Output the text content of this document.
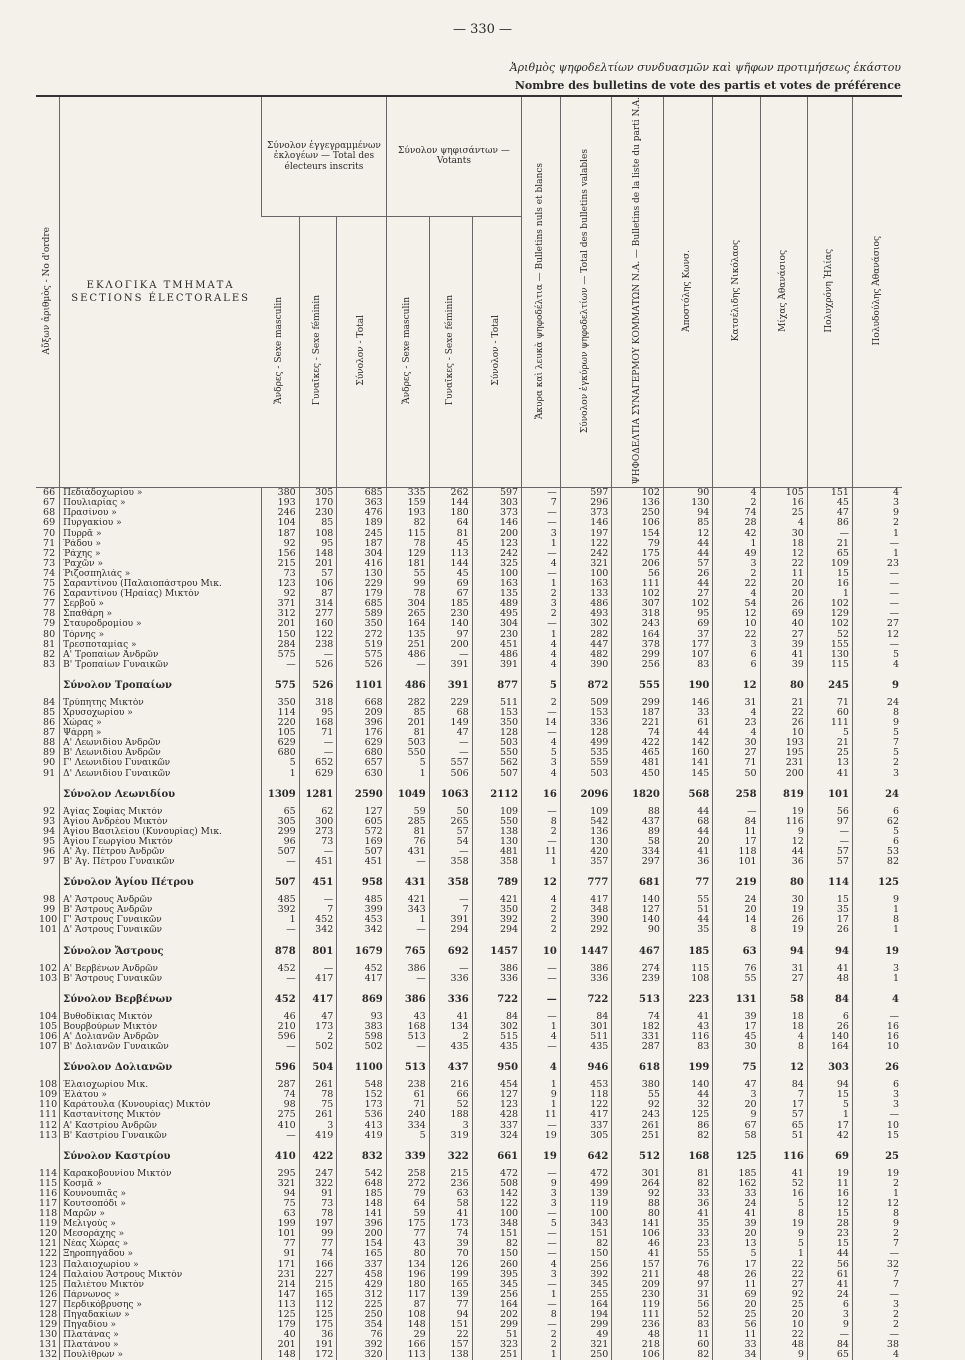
— 330 —
Ἀριθμὸς ψηφοδελτίων συνδυασμῶν καὶ ψῆφων προτιμήσεως ἑκάστου
Nombre des bulletins de vote des partis et votes de préférence
Αὔξων ἀριθμὸς - No d'ordre	ΕΚΛΟΓΙΚΑ ΤΜΗΜΑΤΑ SECTIONS ÉLECTORALES	Σύνολον ἐγγεγραμμένων ἐκλογέων — Total des électeurs inscrits			Σύνολον ψηφισάντων — Votants			Ἄκυρα καὶ λευκὰ ψηφοδέλτια — Bulletins nuls et blancs	Σύνολον ἐγκύρων ψηφοδελτίων — Total des bulletins valables	ΨΗΦΟΔΕΛΤΙΑ ΣΥΝΑΓΕΡΜΟΥ ΚΟΜΜΑΤΩΝ Ν.Α. — Bulletins de la liste du parti N.A.	Ἀποστόλης Κωνσ.	Κατσέλιδης Νικόλαος	Μίχας Ἀθανάσιος	Πολυχρόνη Ἠλίας	Πολυδούλης Ἀθανάσιος
		Ἄνδρες - Sexe masculin	Γυναῖκες - Sexe féminin	Σύνολον - Total	Ἄνδρες - Sexe masculin	Γυναῖκες - Sexe féminin	Σύνολον - Total								
66	Πεδιάδοχωρίου »	380	305	685	335	262	597	—	597	102	90	4	105	151	4
67	Πουλιαρίας »	193	170	363	159	144	303	7	296	136	130	2	16	45	3
68	Πρασίνου »	246	230	476	193	180	373	—	373	250	94	74	25	47	9
69	Πυργακίου »	104	85	189	82	64	146	—	146	106	85	28	4	86	2
70	Πυρρᾶ »	187	108	245	115	81	200	3	197	154	12	42	30	—	1
71	Ῥάδου »	92	95	187	78	45	123	1	122	79	44	1	18	21	—
72	Ῥάχης »	156	148	304	129	113	242	—	242	175	44	49	12	65	1
73	Ῥαχῶν »	215	201	416	181	144	325	4	321	206	57	3	22	109	23
74	Ῥιζοσπηλιάς »	73	57	130	55	45	100	—	100	56	26	2	11	15	—
75	Σαραντίνου (Παλαιοπάστρου Μικ.	123	106	229	99	69	163	1	163	111	44	22	20	16	—
76	Σαραντίνου (Ἡραίας) Μικτὸν	92	87	179	78	67	135	2	133	102	27	4	20	1	—
77	Σερβοῦ »	371	314	685	304	185	489	3	486	307	102	54	26	102	—
78	Σπαθάρη »	312	277	589	265	230	495	2	493	318	95	12	69	129	—
79	Σταυροδρομίου »	201	160	350	164	140	304	—	302	243	69	10	40	102	27
80	Τόρνης »	150	122	272	135	97	230	1	282	164	37	22	27	52	12
81	Τρεσποταμίας »	284	238	519	251	200	451	4	447	378	177	3	39	155	—
82	Α' Τροπαίων Ἀνδρῶν	575	—	575	486	—	486	4	482	299	107	6	41	130	5
83	Β' Τροπαίων Γυναικῶν	—	526	526	—	391	391	4	390	256	83	6	39	115	4

	Σύνολον Τροπαίων	575	526	1101	486	391	877	5	872	555	190	12	80	245	9
84	Τρύπητης Μικτὸν	350	318	668	282	229	511	2	509	299	146	31	21	71	24
85	Χρυσοχωρίου »	114	95	209	85	68	153	—	153	187	33	4	22	60	8
86	Χώρας »	220	168	396	201	149	350	14	336	221	61	23	26	111	9
87	Ψάρρη »	105	71	176	81	47	128	—	128	74	44	4	10	5	5
88	Α' Λεωνιδίου Ἀνδρῶν	629	—	629	503	—	503	4	499	422	142	30	193	21	7
89	Β' Λεωνιδίου Ἀνδρῶν	680	—	680	550	—	550	5	535	465	160	27	195	25	5
90	Γ' Λεωνιδίου Γυναικῶν	5	652	657	5	557	562	3	559	481	141	71	231	13	2
91	Δ' Λεωνιδίου Γυναικῶν	1	629	630	1	506	507	4	503	450	145	50	200	41	3

	Σύνολον Λεωνιδίου	1309	1281	2590	1049	1063	2112	16	2096	1820	568	258	819	101	24
92	Ἁγίας Σοφίας Μικτὸν	65	62	127	59	50	109	—	109	88	44	—	19	56	6
93	Ἁγίου Ἀνδρέου Μικτὸν	305	300	605	285	265	550	8	542	437	68	84	116	97	62
94	Ἁγίου Βασιλείου (Κυνουρίας) Μικ.	299	273	572	81	57	138	2	136	89	44	11	9	—	5
95	Ἁγίου Γεωργίου Μικτὸν	96	73	169	76	54	130	—	130	58	20	17	12	—	6
96	Α' Ἁγ. Πέτρου Ἀνδρῶν	507	—	507	431	—	481	11	420	334	41	118	44	57	53
97	Β' Ἁγ. Πέτρου Γυναικῶν	—	451	451	—	358	358	1	357	297	36	101	36	57	82

	Σύνολον Ἁγίου Πέτρου	507	451	958	431	358	789	12	777	681	77	219	80	114	125
98	Α' Ἄστρους Ἀνδρῶν	485	—	485	421	—	421	4	417	140	55	24	30	15	9
99	Β' Ἄστρους Ἀνδρῶν	392	7	399	343	7	350	2	348	127	51	20	19	35	1
100	Γ' Ἄστρους Γυναικῶν	1	452	453	1	391	392	2	390	140	44	14	26	17	8
101	Δ' Ἄστρους Γυναικῶν	—	342	342	—	294	294	2	292	90	35	8	19	26	1

	Σύνολον Ἄστρους	878	801	1679	765	692	1457	10	1447	467	185	63	94	94	19
102	Α' Βερβένων Ἀνδρῶν	452	—	452	386	—	386	—	386	274	115	76	31	41	3
103	Β' Ἄστρους Γυναικῶν	—	417	417	—	336	336	—	336	239	108	55	27	48	1

	Σύνολον Βερβένων	452	417	869	386	336	722	—	722	513	223	131	58	84	4
104	Βυθοδίκιας Μικτὸν	46	47	93	43	41	84	—	84	74	41	39	18	6	—
105	Βουρβούρων Μικτὸν	210	173	383	168	134	302	1	301	182	43	17	18	26	16
106	Α' Δολιανῶν Ἀνδρῶν	596	2	598	513	2	515	4	511	331	116	45	4	140	16
107	Β' Δολιανῶν Γυναικῶν	—	502	502	—	435	435	—	435	287	83	30	8	164	10

	Σύνολον Δολιανῶν	596	504	1100	513	437	950	4	946	618	199	75	12	303	26
108	Ἐλαιοχωρίου Μικ.	287	261	548	238	216	454	1	453	380	140	47	84	94	6
109	Ἐλάτου »	74	78	152	61	66	127	9	118	55	44	3	7	15	3
110	Καράτουλα (Κυνουρίας) Μικτὸν	98	75	173	71	52	123	1	122	92	32	20	17	5	3
111	Καστανίτσης Μικτὸν	275	261	536	240	188	428	11	417	243	125	9	57	1	—
112	Α' Καστρίου Ἀνδρῶν	410	3	413	334	3	337	—	337	261	86	67	65	17	10
113	Β' Καστρίου Γυναικῶν	—	419	419	5	319	324	19	305	251	82	58	51	42	15

	Σύνολον Καστρίου	410	422	832	339	322	661	19	642	512	168	125	116	69	25
114	Καρακοβουνίου Μικτὸν	295	247	542	258	215	472	—	472	301	81	185	41	19	19
115	Κοσμᾶ »	321	322	648	272	236	508	9	499	264	82	162	52	11	2
116	Κουνουπιᾶς »	94	91	185	79	63	142	3	139	92	33	33	16	16	1
117	Κουτσοπόδι »	75	73	148	64	58	122	3	119	88	36	24	5	12	12
118	Μαρῶν »	63	78	141	59	41	100	—	100	80	41	41	8	15	8
119	Μελιγούς »	199	197	396	175	173	348	5	343	141	35	39	19	28	9
120	Μεσοράχης »	101	99	200	77	74	151	—	151	106	33	20	9	23	2
121	Νέας Χώρας »	77	77	154	43	39	82	—	82	46	23	13	5	15	7
122	Ξηροπηγάδου »	91	74	165	80	70	150	—	150	41	55	5	1	44	—
123	Παλαιοχωρίου »	171	166	337	134	126	260	4	256	157	76	17	22	56	32
124	Παλαίου Ἄστρους Μικτὸν	231	227	458	196	199	395	3	392	211	48	26	22	61	7
125	Παλιέτου Μικτὸν	214	215	429	180	165	345	—	345	209	97	11	27	41	7
126	Πάρνωνος »	147	165	312	117	139	256	1	255	230	31	69	92	24	—
127	Περδικόβρυσης »	113	112	225	87	77	164	—	164	119	56	20	25	6	3
128	Πηγαδακίων »	125	125	250	108	94	202	8	194	111	52	25	20	3	2
129	Πηγαδίου »	179	175	354	148	151	299	—	299	236	83	56	10	9	2
130	Πλατάνας »	40	36	76	29	22	51	2	49	48	11	11	22	—	—
131	Πλατάνου »	201	191	392	166	157	323	2	321	218	60	33	48	84	38
132	Πουλίθρων »	148	172	320	113	138	251	1	250	106	82	34	9	65	4
